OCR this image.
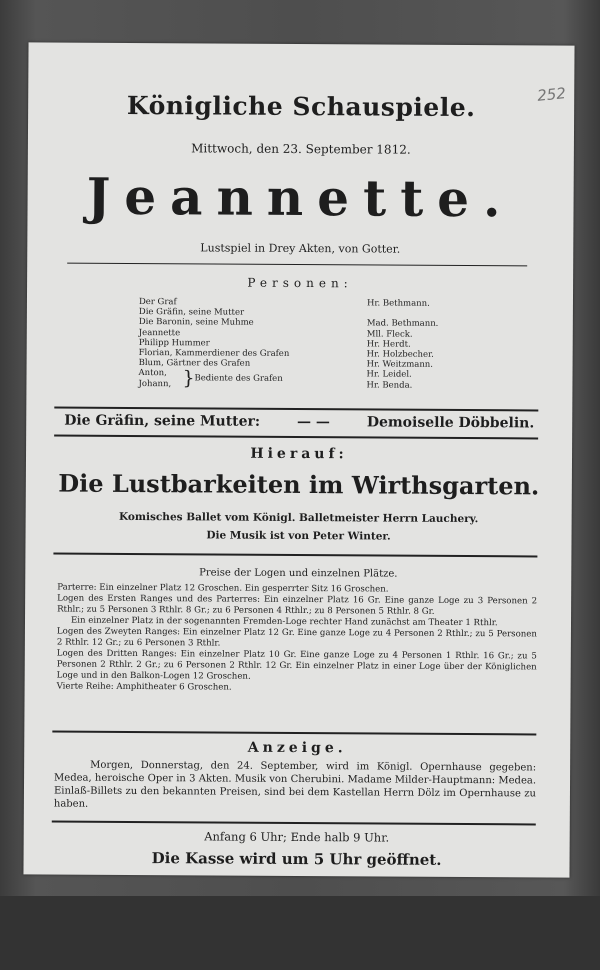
252
Königliche Schauspiele.
Mittwoch, den 23. September 1812.
Jeannette.
Lustspiel in Drey Akten, von Gotter.
Personen:
Der Graf
Die Gräfin, seine Mutter
Die Baronin, seine Muhme
Jeannette
Philipp Hummer
Florian, Kammerdiener des Grafen
Blum, Gärtner des Grafen
Anton,
Johann, } Bediente des Grafen
Hr. Bethmann.
Mad. Bethmann.
Mll. Fleck.
Hr. Herdt.
Hr. Holzbecher.
Hr. Weitzmann.
Hr. Leidel.
Hr. Benda.
Die Gräfin, seine Mutter:	— —	Demoiselle Döbbelin.
Hierauf:
Die Lustbarkeiten im Wirthsgarten.
Komisches Ballet vom Königl. Balletmeister Herrn Lauchery.
Die Musik ist von Peter Winter.
Preise der Logen und einzelnen Plätze.
Parterre: Ein einzelner Platz 12 Groschen. Ein gesperrter Sitz 16 Groschen.
Logen des Ersten Ranges und des Parterres: Ein einzelner Platz 16 Gr. Eine ganze Loge zu 3 Personen 2 Rthlr.; zu 5 Personen 3 Rthlr. 8 Gr.; zu 6 Personen 4 Rthlr.; zu 8 Personen 5 Rthlr. 8 Gr.
Ein einzelner Platz in der sogenannten Fremden-Loge rechter Hand zunächst am Theater 1 Rthlr.
Logen des Zweyten Ranges: Ein einzelner Platz 12 Gr. Eine ganze Loge zu 4 Personen 2 Rthlr.; zu 5 Personen 2 Rthlr. 12 Gr.; zu 6 Personen 3 Rthlr.
Logen des Dritten Ranges: Ein einzelner Platz 10 Gr. Eine ganze Loge zu 4 Personen 1 Rthlr. 16 Gr.; zu 5 Personen 2 Rthlr. 2 Gr.; zu 6 Personen 2 Rthlr. 12 Gr. Ein einzelner Platz in einer Loge über der Königlichen Loge und in den Balkon-Logen 12 Groschen.
Vierte Reihe: Amphitheater 6 Groschen.
Anzeige.
Morgen, Donnerstag, den 24. September, wird im Königl. Opernhause gegeben: Medea, heroische Oper in 3 Akten. Musik von Cherubini. Madame Milder-Hauptmann: Medea. Einlaß-Billets zu den bekannten Preisen, sind bei dem Kastellan Herrn Dölz im Opernhause zu haben.
Anfang 6 Uhr; Ende halb 9 Uhr.
Die Kasse wird um 5 Uhr geöffnet.
